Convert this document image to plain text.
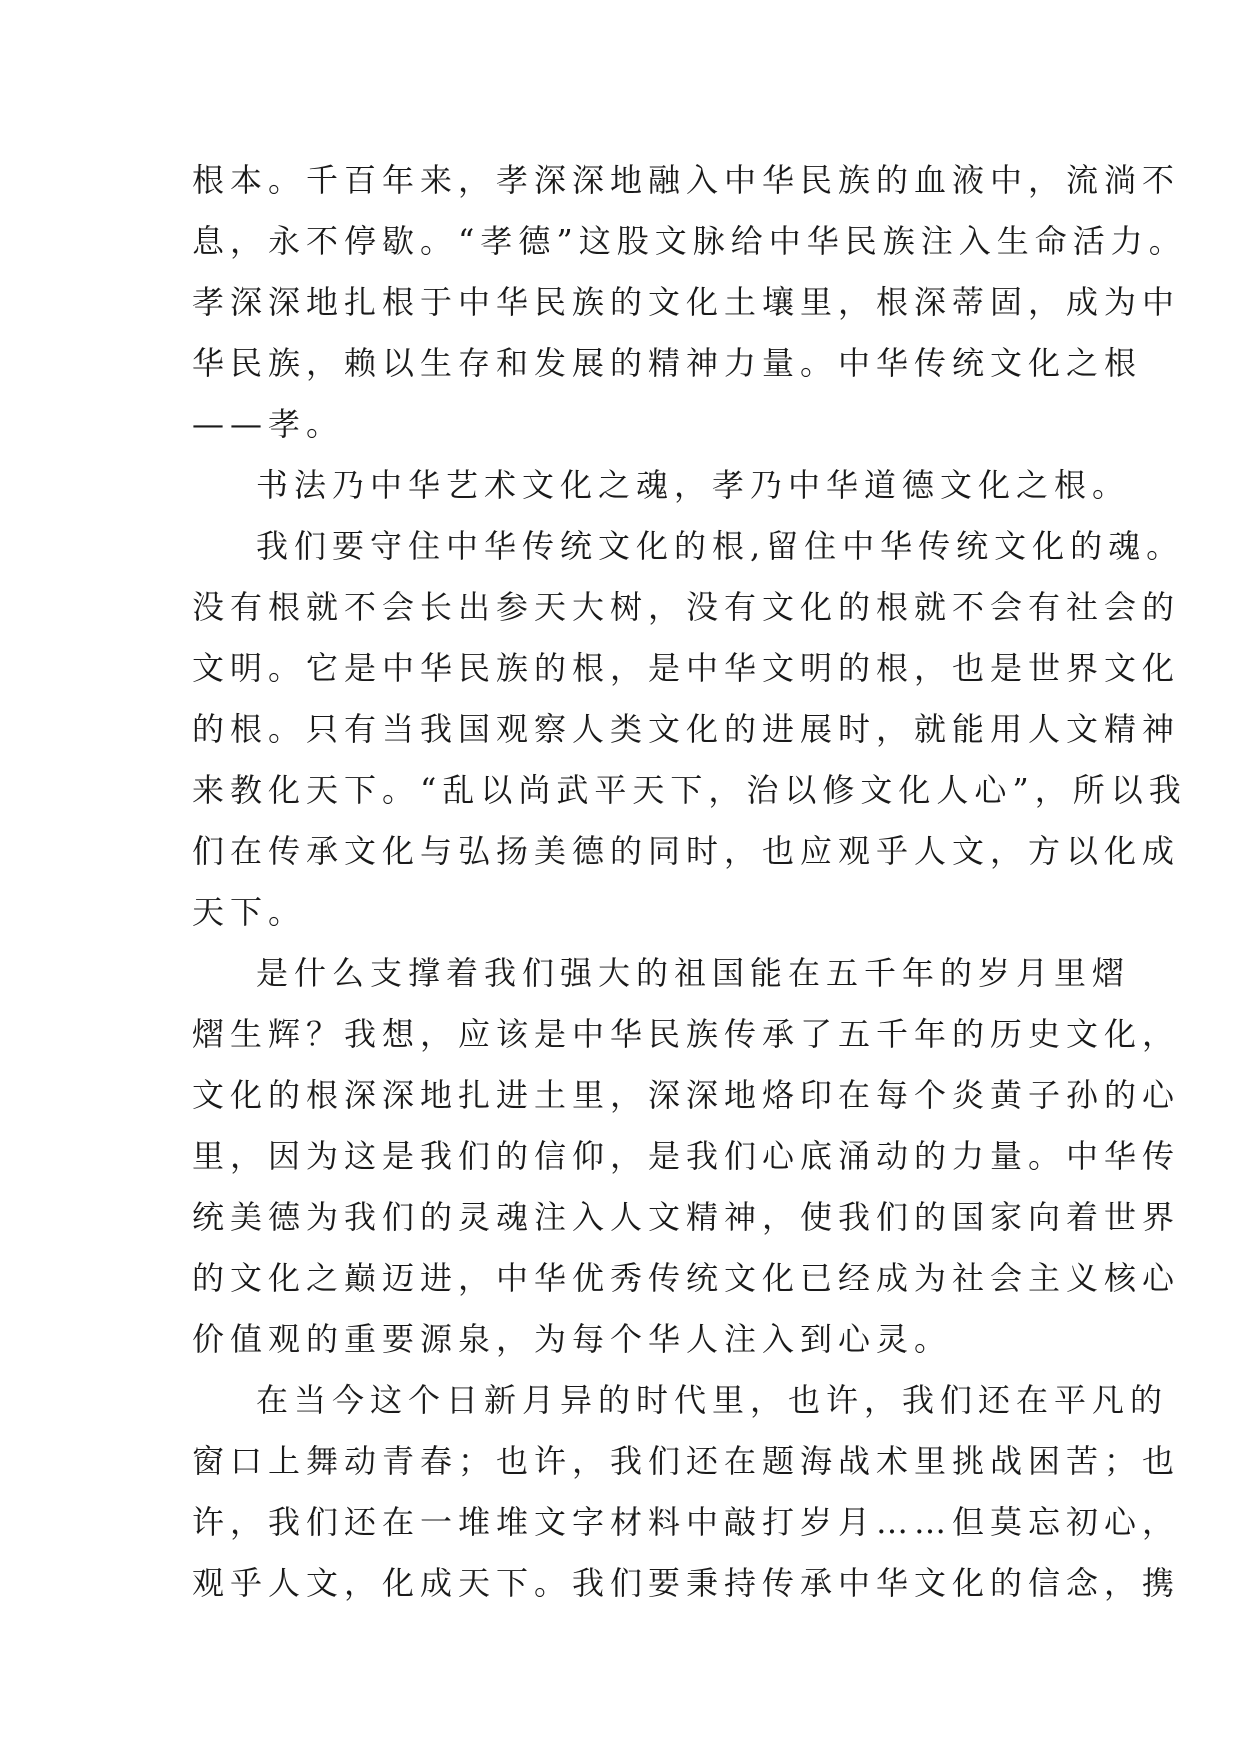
根本。千百年来，孝深深地融入中华民族的血液中，流淌不
息，永不停歇。“孝德”这股文脉给中华民族注入生命活力。
孝深深地扎根于中华民族的文化土壤里，根深蒂固，成为中
华民族，赖以生存和发展的精神力量。中华传统文化之根
——孝。
书法乃中华艺术文化之魂，孝乃中华道德文化之根。
我们要守住中华传统文化的根,留住中华传统文化的魂。
没有根就不会长出参天大树，没有文化的根就不会有社会的
文明。它是中华民族的根，是中华文明的根，也是世界文化
的根。只有当我国观察人类文化的进展时，就能用人文精神
来教化天下。“乱以尚武平天下，治以修文化人心”，所以我
们在传承文化与弘扬美德的同时，也应观乎人文，方以化成
天下。
是什么支撑着我们强大的祖国能在五千年的岁月里熠
熠生辉？我想，应该是中华民族传承了五千年的历史文化，
文化的根深深地扎进土里，深深地烙印在每个炎黄子孙的心
里，因为这是我们的信仰，是我们心底涌动的力量。中华传
统美德为我们的灵魂注入人文精神，使我们的国家向着世界
的文化之巅迈进，中华优秀传统文化已经成为社会主义核心
价值观的重要源泉，为每个华人注入到心灵。
在当今这个日新月异的时代里，也许，我们还在平凡的
窗口上舞动青春；也许，我们还在题海战术里挑战困苦；也
许，我们还在一堆堆文字材料中敲打岁月……但莫忘初心，
观乎人文，化成天下。我们要秉持传承中华文化的信念，携
